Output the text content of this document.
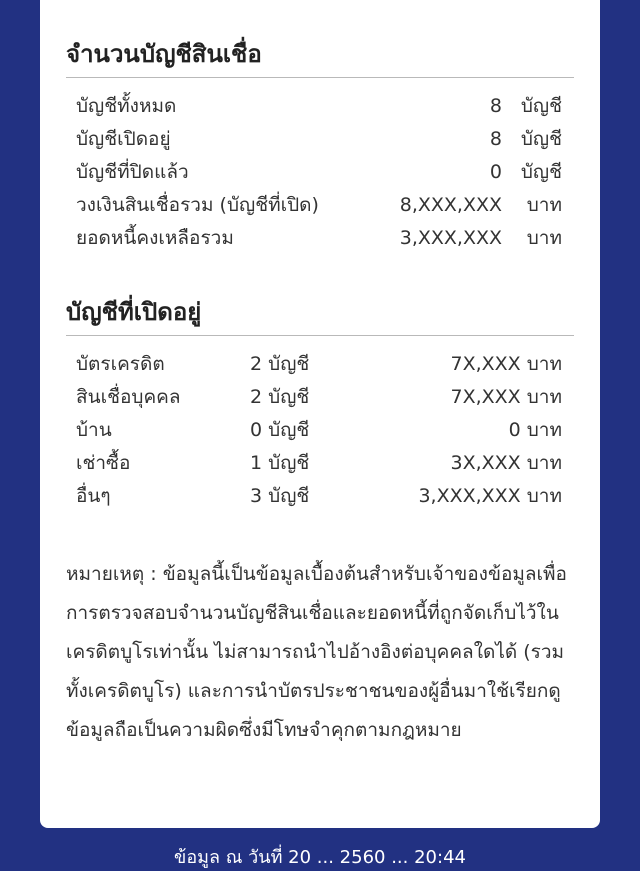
จำนวนบัญชีสินเชื่อ
บัญชีทั้งหมด	8 บัญชี
บัญชีเปิดอยู่	8 บัญชี
บัญชีที่ปิดแล้ว	0 บัญชี
วงเงินสินเชื่อรวม (บัญชีที่เปิด)	8,XXX,XXX บาท
ยอดหนี้คงเหลือรวม	3,XXX,XXX บาท
บัญชีที่เปิดอยู่
บัตรเครดิต	2 บัญชี	7X,XXX บาท
สินเชื่อบุคคล	2 บัญชี	7X,XXX บาท
บ้าน	0 บัญชี	0 บาท
เช่าซื้อ	1 บัญชี	3X,XXX บาท
อื่นๆ	3 บัญชี	3,XXX,XXX บาท

หมายเหตุ : ข้อมูลนี้เป็นข้อมูลเบื้องต้นสำหรับเจ้าของข้อมูลเพื่อการตรวจสอบจำนวนบัญชีสินเชื่อและยอดหนี้ที่ถูกจัดเก็บไว้ในเครดิตบูโรเท่านั้น ไม่สามารถนำไปอ้างอิงต่อบุคคลใดได้ (รวมทั้งเครดิตบูโร) และการนำบัตรประชาชนของผู้อื่นมาใช้เรียกดูข้อมูลถือเป็นความผิดซึ่งมีโทษจำคุกตามกฎหมาย

ข้อมูล ณ วันที่ 20 ... 2560 ... 20:44
